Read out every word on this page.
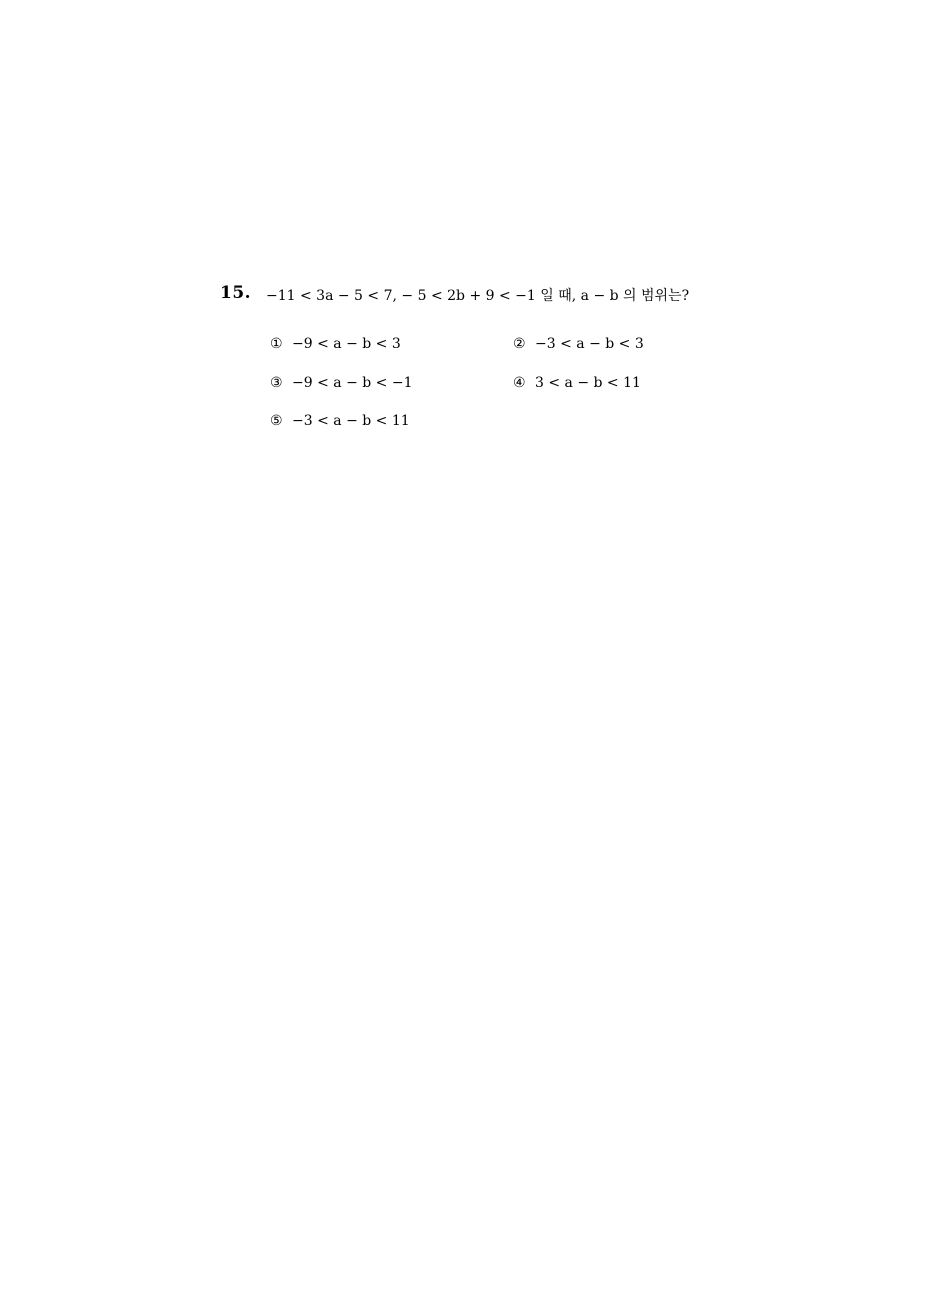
15. −11 < 3a − 5 < 7, − 5 < 2b + 9 < −1 일 때, a − b 의 범위는?
① −9 < a − b < 3	② −3 < a − b < 3
③ −9 < a − b < −1	④ 3 < a − b < 11
⑤ −3 < a − b < 11
